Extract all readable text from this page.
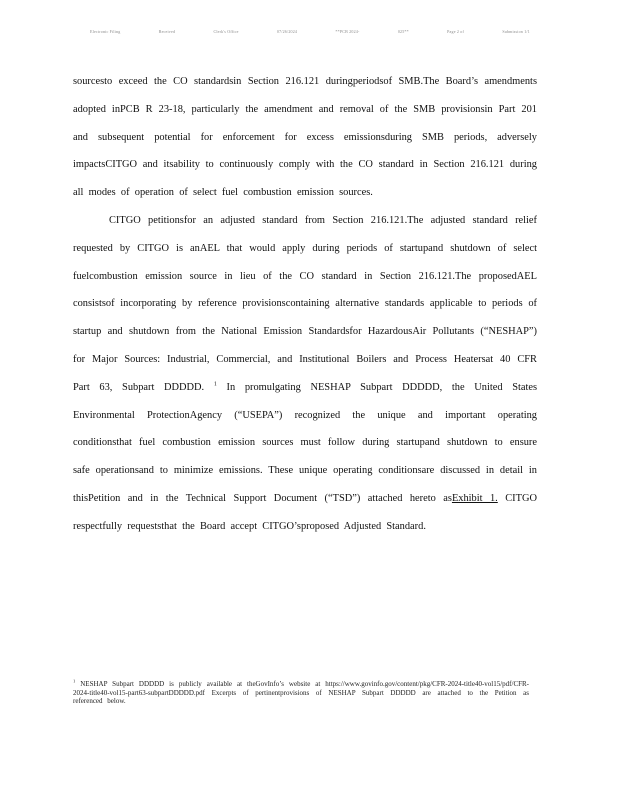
Electronic Filing	Received	Clerk's Office	07/26/2024	**PCB 2024-	025**	Page 2 of	Submission 1/1

sourcesto exceed the CO standardsin Section 216.121 duringperiodsof SMB.The Board’s amendments adopted inPCB R 23-18, particularly the amendment and removal of the SMB provisionsin Part 201 and subsequent potential for enforcement for excess emissionsduring SMB periods, adversely impactsCITGO and itsability to continuously comply with the CO standard in Section 216.121 during all modes of operation of select fuel combustion emission sources.

CITGO petitionsfor an adjusted standard from Section 216.121.The adjusted standard relief requested by CITGO is anAEL that would apply during periods of startupand shutdown of select fuelcombustion emission source in lieu of the CO standard in Section 216.121.The proposedAEL consistsof incorporating by reference provisionscontaining alternative standards applicable to periods of startup and shutdown from the National Emission Standardsfor HazardousAir Pollutants (“NESHAP”) for Major Sources: Industrial, Commercial, and Institutional Boilers and Process Heatersat 40 CFR Part 63, Subpart DDDDD. $^1$ In promulgating NESHAP Subpart DDDDD, the United States Environmental ProtectionAgency (“USEPA”) recognized the unique and important operating conditionsthat fuel combustion emission sources must follow during startupand shutdown to ensure safe operationsand to minimize emissions. These unique operating conditionsare discussed in detail in thisPetition and in the Technical Support Document (“TSD”) attached hereto asExhibit 1. CITGO respectfully requeststhat the Board accept CITGO’sproposed Adjusted Standard.

$^1$ NESHAP Subpart DDDDD is publicly available at theGovInfo’s website at https://www.govinfo.gov/content/pkg/CFR-2024-title40-vol15/pdf/CFR-2024-title40-vol15-part63-subpartDDDDD.pdf Excerpts of pertinentprovisions of NESHAP Subpart DDDDD are attached to the Petition as referenced below.
